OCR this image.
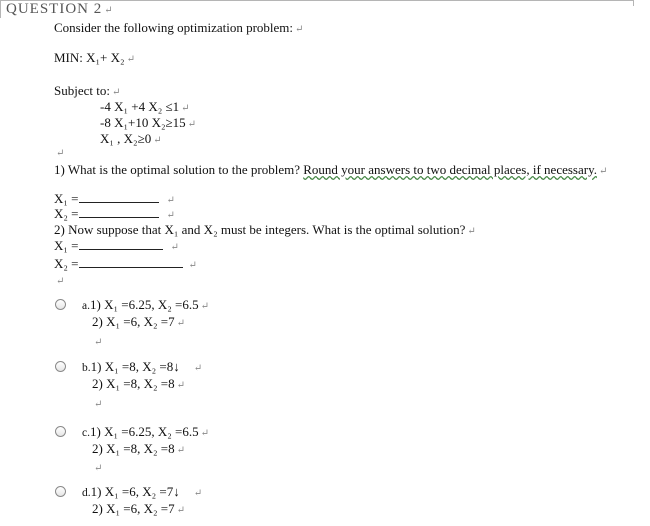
QUESTION 2 ↵
Consider the following optimization problem: ↵
MIN: X₁+ X₂ ↵
Subject to: ↵
-4 X₁ +4 X₂ ≤1 ↵
-8 X₁+10 X₂≥15 ↵
X₁ , X₂≥0 ↵
↵
1) What is the optimal solution to the problem? Round your answers to two decimal places, if necessary. ↵
X₁ =	↵
X₂ =	↵
2) Now suppose that X₁ and X₂ must be integers. What is the optimal solution? ↵
X₁ =	↵
X₂ =	↵
↵
a.1) X₁ =6.25, X₂ =6.5 ↵
2) X₁ =6, X₂ =7 ↵
↵
b.1) X₁ =8, X₂ =8↓ ↵
2) X₁ =8, X₂ =8 ↵
↵
c.1) X₁ =6.25, X₂ =6.5 ↵
2) X₁ =8, X₂ =8 ↵
↵
d.1) X₁ =6, X₂ =7↓ ↵
2) X₁ =6, X₂ =7 ↵
